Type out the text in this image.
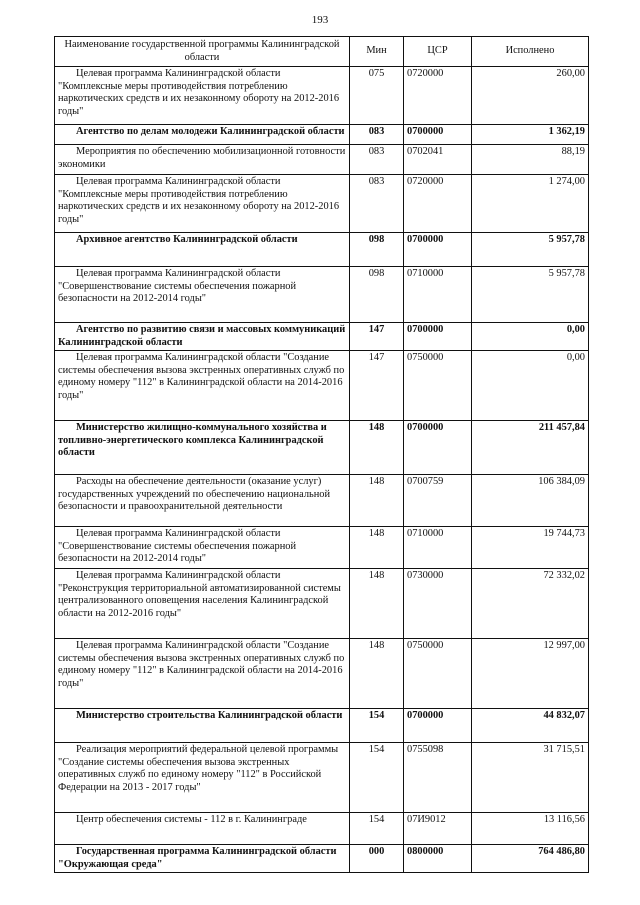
193
Наименование государственной программы Калининградской области	Мин	ЦСР	Исполнено
Целевая программа Калининградской области "Комплексные меры противодействия потреблению наркотических средств и их незаконному обороту на 2012-2016 годы"	075	0720000	260,00
Агентство по делам молодежи Калининградской области	083	0700000	1 362,19
Мероприятия по обеспечению мобилизационной готовности экономики	083	0702041	88,19
Целевая программа Калининградской области "Комплексные меры противодействия потреблению наркотических средств и их незаконному обороту на 2012-2016 годы"	083	0720000	1 274,00
Архивное агентство Калининградской области	098	0700000	5 957,78
Целевая программа Калининградской области "Совершенствование системы обеспечения пожарной безопасности на 2012-2014 годы"	098	0710000	5 957,78
Агентство по развитию связи и массовых коммуникаций Калининградской области	147	0700000	0,00
Целевая программа Калининградской области "Создание системы обеспечения вызова экстренных оперативных служб по единому номеру "112" в Калининградской области на 2014-2016 годы"	147	0750000	0,00
Министерство жилищно-коммунального хозяйства и топливно-энергетического комплекса Калининградской области	148	0700000	211 457,84
Расходы на обеспечение деятельности (оказание услуг) государственных учреждений по обеспечению национальной безопасности и правоохранительной деятельности	148	0700759	106 384,09
Целевая программа Калининградской области "Совершенствование системы обеспечения пожарной безопасности на 2012-2014 годы"	148	0710000	19 744,73
Целевая программа Калининградской области "Реконструкция территориальной автоматизированной системы централизованного оповещения населения Калининградской области на 2012-2016 годы"	148	0730000	72 332,02
Целевая программа Калининградской области "Создание системы обеспечения вызова экстренных оперативных служб по единому номеру "112" в Калининградской области на 2014-2016 годы"	148	0750000	12 997,00
Министерство строительства Калининградской области	154	0700000	44 832,07
Реализация мероприятий федеральной целевой программы "Создание системы обеспечения вызова экстренных оперативных служб по единому номеру "112" в Российской Федерации на 2013 - 2017 годы"	154	0755098	31 715,51
Центр обеспечения системы - 112 в г. Калининграде	154	07И9012	13 116,56
Государственная программа Калининградской области "Окружающая среда"	000	0800000	764 486,80
